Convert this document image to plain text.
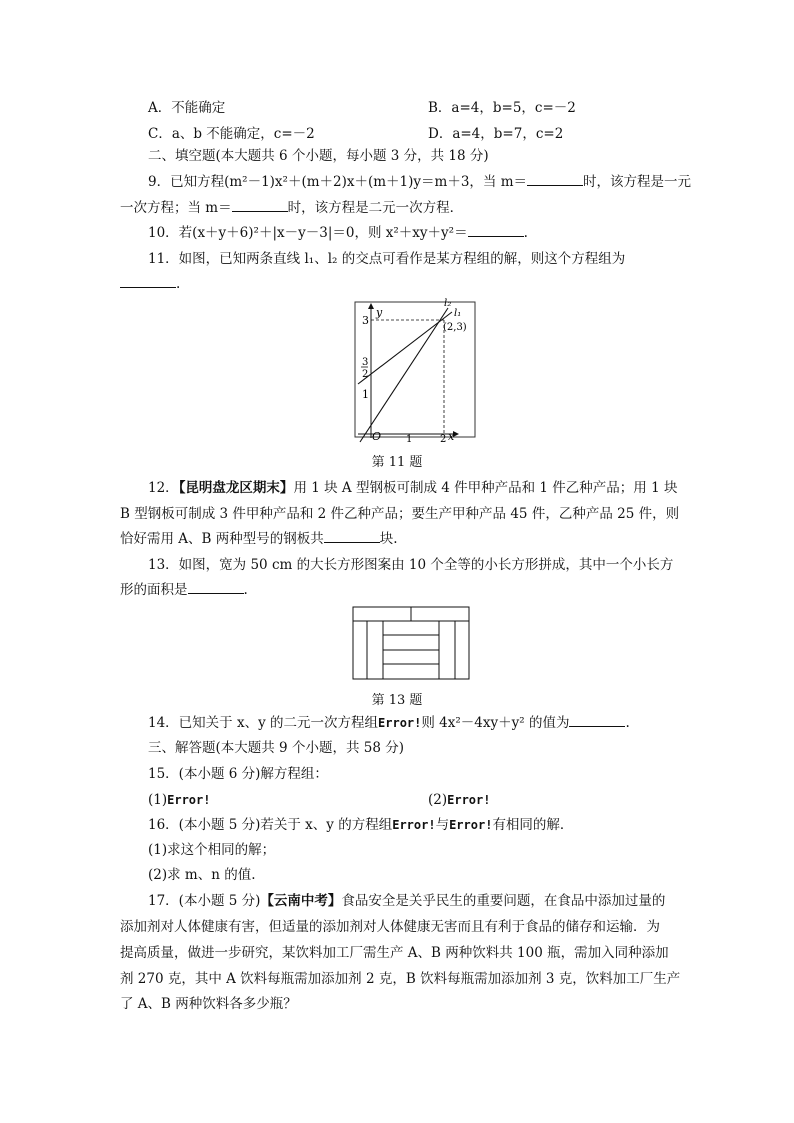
A．不能确定	B．a=4，b=5，c=－2
C．a、b 不能确定，c=－2	D．a=4，b=7，c=2
二、填空题(本大题共 6 个小题，每小题 3 分，共 18 分)
9．已知方程(m²－1)x²＋(m＋2)x＋(m＋1)y＝m＋3，当 m＝	时，该方程是一元
一次方程；当 m＝	时，该方程是二元一次方程．
10．若(x＋y＋6)²＋|x－y－3|＝0，则 x²＋xy＋y²＝	.
11．如图，已知两条直线 l₁、l₂ 的交点可看作是某方程组的解，则这个方程组为
.
y
x
O
3
3
2
1
1	2
(2,3)
l₁
l₂
第 11 题
12．【昆明盘龙区期末】用 1 块 A 型钢板可制成 4 件甲种产品和 1 件乙种产品；用 1 块
B 型钢板可制成 3 件甲种产品和 2 件乙种产品；要生产甲种产品 45 件，乙种产品 25 件，则
恰好需用 A、B 两种型号的钢板共	块.
13．如图，宽为 50 cm 的大长方形图案由 10 个全等的小长方形拼成，其中一个小长方
形的面积是	.
第 13 题
14．已知关于 x、y 的二元一次方程组Error!则 4x²－4xy＋y² 的值为	.
三、解答题(本大题共 9 个小题，共 58 分)
15．(本小题 6 分)解方程组：
(1)Error!	(2)Error!
16．(本小题 5 分)若关于 x、y 的方程组Error!与Error!有相同的解．
(1)求这个相同的解；
(2)求 m、n 的值.
17．(本小题 5 分)【云南中考】食品安全是关乎民生的重要问题，在食品中添加过量的
添加剂对人体健康有害，但适量的添加剂对人体健康无害而且有利于食品的储存和运输．为
提高质量，做进一步研究，某饮料加工厂需生产 A、B 两种饮料共 100 瓶，需加入同种添加
剂 270 克，其中 A 饮料每瓶需加添加剂 2 克，B 饮料每瓶需加添加剂 3 克，饮料加工厂生产
了 A、B 两种饮料各多少瓶？
